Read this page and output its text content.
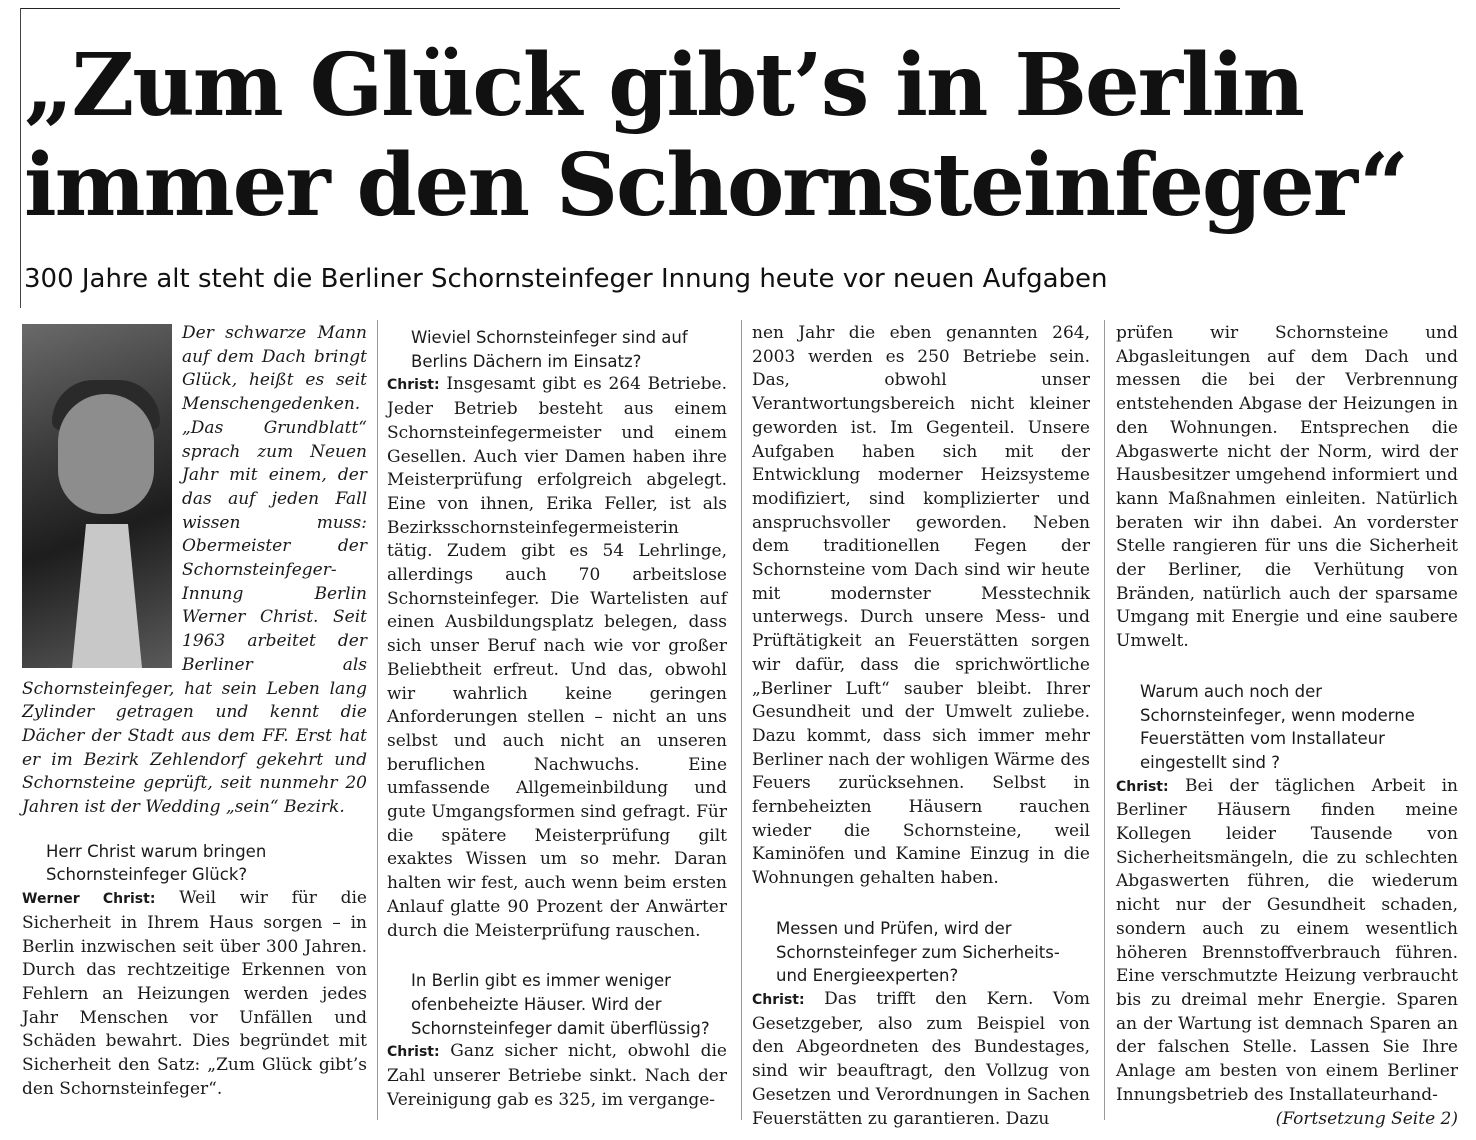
„Zum Glück gibt’s in Berlin
immer den Schornsteinfeger“

300 Jahre alt steht die Berliner Schornsteinfeger Innung heute vor neuen Aufgaben

Der schwarze Mann auf dem Dach bringt Glück, heißt es seit Menschengedenken. „Das Grundblatt“ sprach zum Neuen Jahr mit einem, der das auf jeden Fall wissen muss: Obermeister der Schornsteinfeger-Innung Berlin Werner Christ. Seit 1963 arbeitet der Berliner als Schornsteinfeger, hat sein Leben lang Zylinder getragen und kennt die Dächer der Stadt aus dem FF. Erst hat er im Bezirk Zehlendorf gekehrt und Schornsteine geprüft, seit nunmehr 20 Jahren ist der Wedding „sein“ Bezirk.

Herr Christ warum bringen Schornsteinfeger Glück?

Werner Christ: Weil wir für die Sicherheit in Ihrem Haus sorgen – in Berlin inzwischen seit über 300 Jahren. Durch das rechtzeitige Erkennen von Fehlern an Heizungen werden jedes Jahr Menschen vor Unfällen und Schäden bewahrt. Dies begründet mit Sicherheit den Satz: „Zum Glück gibt’s den Schornsteinfeger“.

Wieviel Schornsteinfeger sind auf Berlins Dächern im Einsatz?

Christ: Insgesamt gibt es 264 Betriebe. Jeder Betrieb besteht aus einem Schornsteinfegermeister und einem Gesellen. Auch vier Damen haben ihre Meisterprüfung erfolgreich abgelegt. Eine von ihnen, Erika Feller, ist als Bezirksschornsteinfegermeisterin tätig. Zudem gibt es 54 Lehrlinge, allerdings auch 70 arbeitslose Schornsteinfeger. Die Wartelisten auf einen Ausbildungsplatz belegen, dass sich unser Beruf nach wie vor großer Beliebtheit erfreut. Und das, obwohl wir wahrlich keine geringen Anforderungen stellen – nicht an uns selbst und auch nicht an unseren beruflichen Nachwuchs. Eine umfassende Allgemeinbildung und gute Umgangsformen sind gefragt. Für die spätere Meisterprüfung gilt exaktes Wissen um so mehr. Daran halten wir fest, auch wenn beim ersten Anlauf glatte 90 Prozent der Anwärter durch die Meisterprüfung rauschen.

In Berlin gibt es immer weniger ofenbeheizte Häuser. Wird der Schornsteinfeger damit überflüssig?

Christ: Ganz sicher nicht, obwohl die Zahl unserer Betriebe sinkt. Nach der Vereinigung gab es 325, im vergange-

nen Jahr die eben genannten 264, 2003 werden es 250 Betriebe sein. Das, obwohl unser Verantwortungsbereich nicht kleiner geworden ist. Im Gegenteil. Unsere Aufgaben haben sich mit der Entwicklung moderner Heizsysteme modifiziert, sind komplizierter und anspruchsvoller geworden. Neben dem traditionellen Fegen der Schornsteine vom Dach sind wir heute mit modernster Messtechnik unterwegs. Durch unsere Mess- und Prüftätigkeit an Feuerstätten sorgen wir dafür, dass die sprichwörtliche „Berliner Luft“ sauber bleibt. Ihrer Gesundheit und der Umwelt zuliebe. Dazu kommt, dass sich immer mehr Berliner nach der wohligen Wärme des Feuers zurücksehnen. Selbst in fernbeheizten Häusern rauchen wieder die Schornsteine, weil Kaminöfen und Kamine Einzug in die Wohnungen gehalten haben.

Messen und Prüfen, wird der Schornsteinfeger zum Sicherheits- und Energieexperten?

Christ: Das trifft den Kern. Vom Gesetzgeber, also zum Beispiel von den Abgeordneten des Bundestages, sind wir beauftragt, den Vollzug von Gesetzen und Verordnungen in Sachen Feuerstätten zu garantieren. Dazu

prüfen wir Schornsteine und Abgasleitungen auf dem Dach und messen die bei der Verbrennung entstehenden Abgase der Heizungen in den Wohnungen. Entsprechen die Abgaswerte nicht der Norm, wird der Hausbesitzer umgehend informiert und kann Maßnahmen einleiten. Natürlich beraten wir ihn dabei. An vorderster Stelle rangieren für uns die Sicherheit der Berliner, die Verhütung von Bränden, natürlich auch der sparsame Umgang mit Energie und eine saubere Umwelt.

Warum auch noch der Schornsteinfeger, wenn moderne Feuerstätten vom Installateur eingestellt sind ?

Christ: Bei der täglichen Arbeit in Berliner Häusern finden meine Kollegen leider Tausende von Sicherheitsmängeln, die zu schlechten Abgaswerten führen, die wiederum nicht nur der Gesundheit schaden, sondern auch zu einem wesentlich höheren Brennstoffverbrauch führen. Eine verschmutzte Heizung verbraucht bis zu dreimal mehr Energie. Sparen an der Wartung ist demnach Sparen an der falschen Stelle. Lassen Sie Ihre Anlage am besten von einem Berliner Innungsbetrieb des Installateurhand-

(Fortsetzung Seite 2)
